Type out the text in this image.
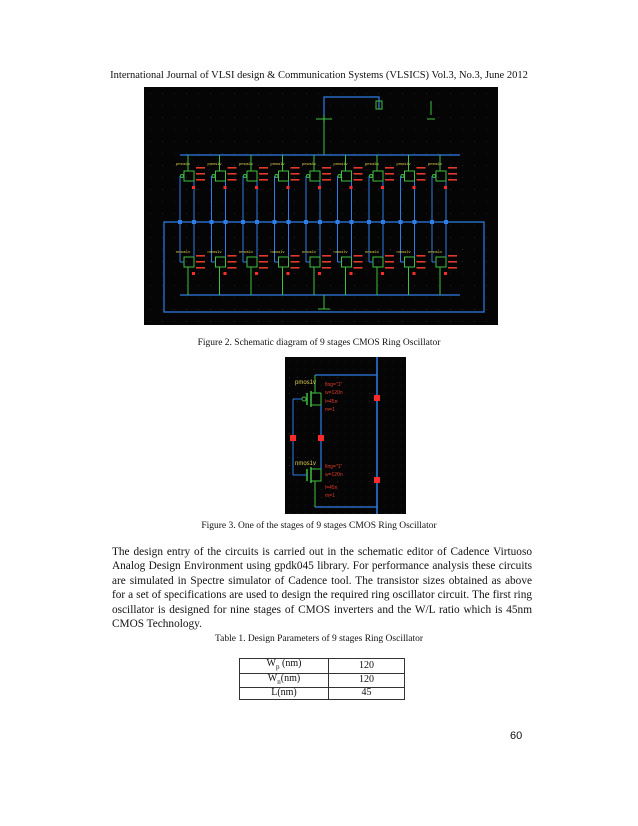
International Journal of VLSI design & Communication Systems (VLSICS) Vol.3, No.3, June 2012
pmos1v
nmos1v
pmos1v
nmos1v
pmos1v
nmos1v
pmos1v
nmos1v
pmos1v
nmos1v
pmos1v
nmos1v
pmos1v
nmos1v
pmos1v
nmos1v
pmos1v
nmos1v
Figure 2. Schematic diagram of 9 stages CMOS Ring Oscillator
pmos1v fing="1"
w=120n
l=45n
m=1
nmos1v fing="1"
w=120n
l=45n
m=1
Figure 3. One of the stages of 9 stages CMOS Ring Oscillator
The design entry of the circuits is carried out in the schematic editor of Cadence Virtuoso Analog Design Environment using gpdk045 library. For performance analysis these circuits are simulated in Spectre simulator of Cadence tool. The transistor sizes obtained as above for a set of specifications are used to design the required ring oscillator circuit. The first ring oscillator is designed for nine stages of CMOS inverters and the W/L ratio which is 45nm CMOS Technology.
Table 1. Design Parameters of 9 stages Ring Oscillator
$W_p$ (nm)	120
$W_n(nm)$	120
L(nm)	45
60
